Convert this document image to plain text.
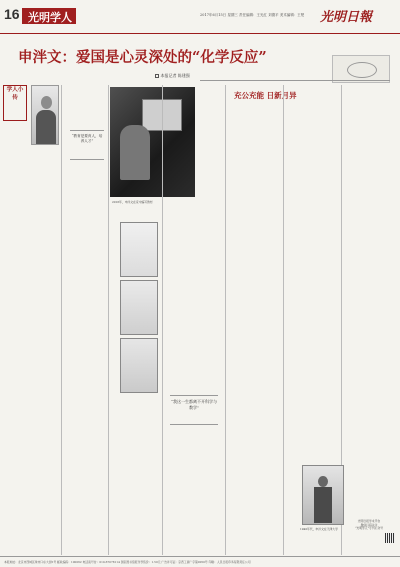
16 光明学人	2017年6月15日 星期三 责任编辑：王光红 刘德平 美术编辑：王楚 光明日報
申泮文：爱国是心灵深处的“化学反应”
本报记者 陈建强
学人小传
“教育是要育人，培养人才”
2016年，申泮文在家中编写教材
充公充能 日新月异
“我这一生都离不开科学与教学”
1940年代，申泮文在天津大学
光明日报学术平台
微信扫码关注
“光明学人”专刊公众号
本报地址：北京市西城区珠市口东大街5号 邮政编码：100062 电话查号台：010-67078114 国家图书馆报刊零售价：1.50元 广告许可证：京西工商广字第0050号 印刷：人民日报印务有限责任公司
